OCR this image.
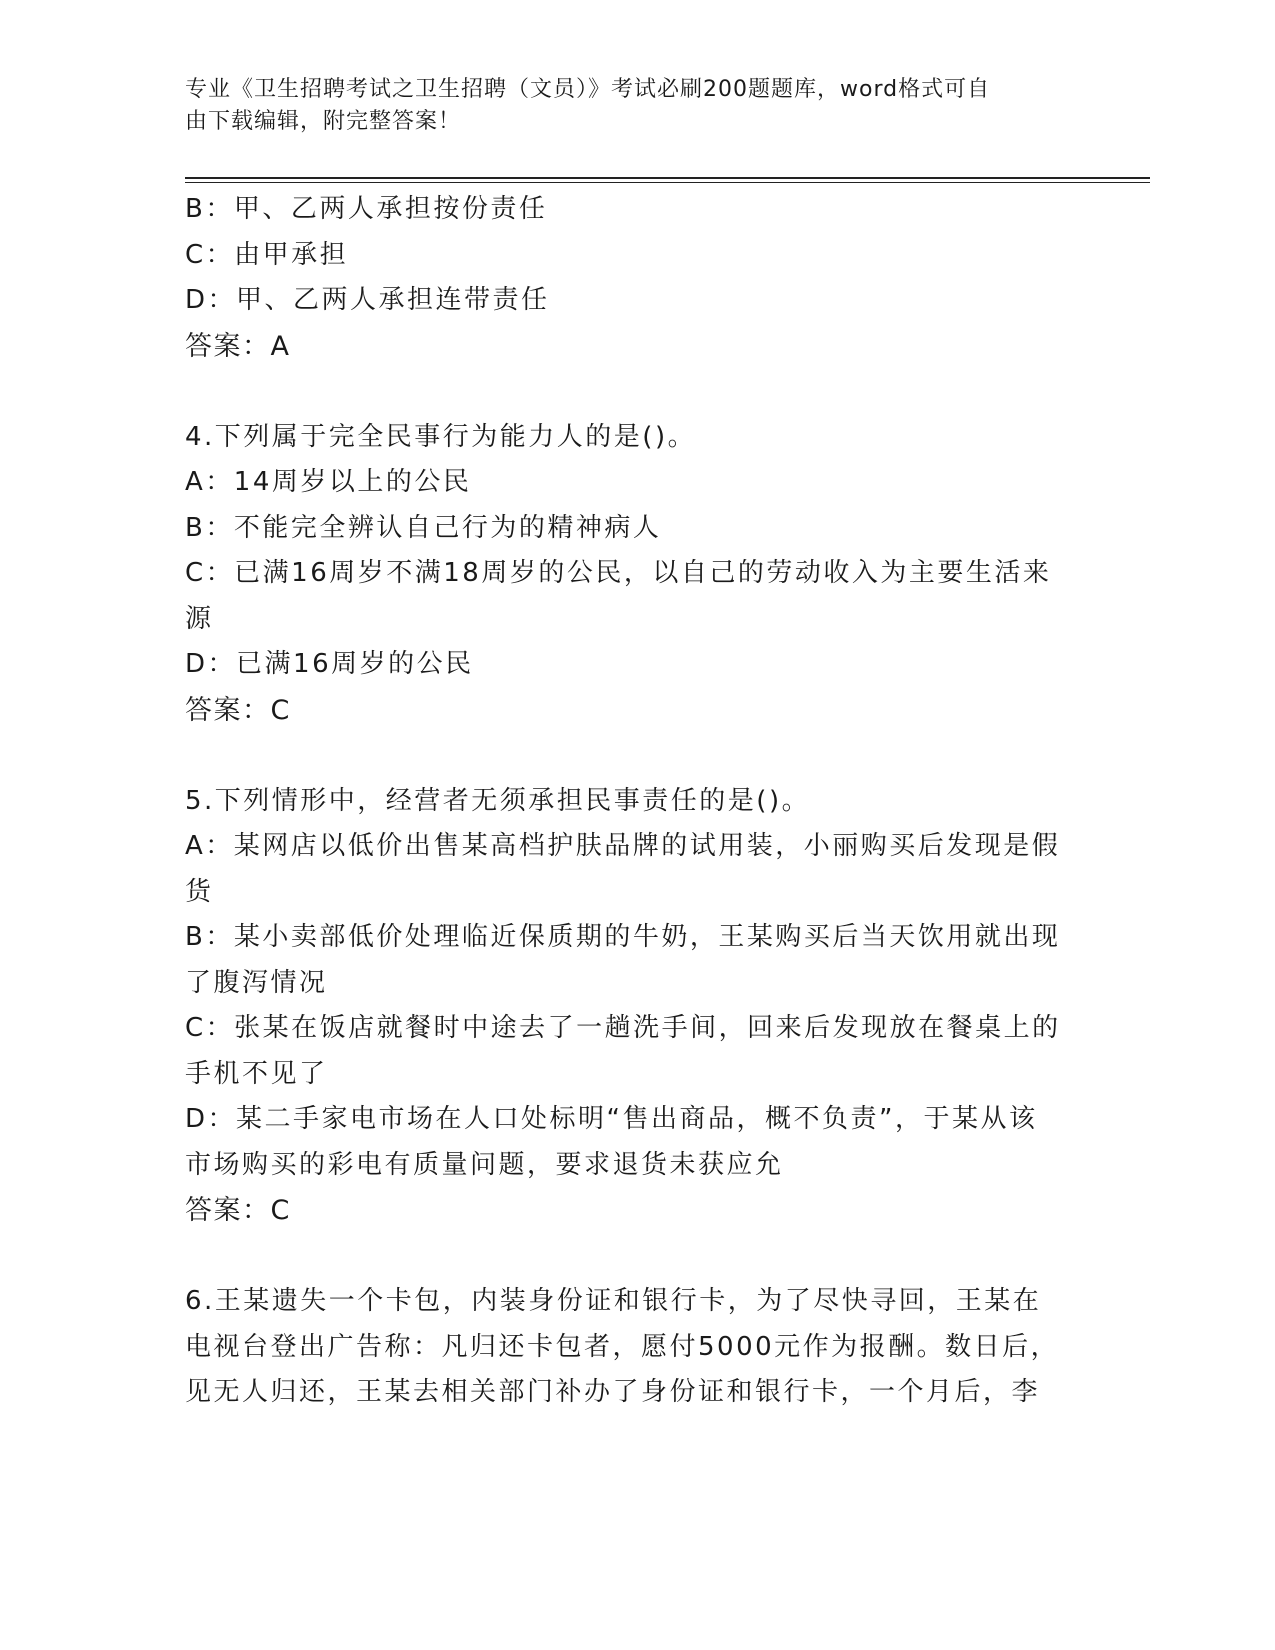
专业《卫生招聘考试之卫生招聘（文员）》考试必刷200题题库，word格式可自
由下载编辑，附完整答案！
B：甲、乙两人承担按份责任
C：由甲承担
D：甲、乙两人承担连带责任
答案：A
4.下列属于完全民事行为能力人的是()。
A：14周岁以上的公民
B：不能完全辨认自己行为的精神病人
C：已满16周岁不满18周岁的公民，以自己的劳动收入为主要生活来
源
D：已满16周岁的公民
答案：C
5.下列情形中，经营者无须承担民事责任的是()。
A：某网店以低价出售某高档护肤品牌的试用装，小丽购买后发现是假
货
B：某小卖部低价处理临近保质期的牛奶，王某购买后当天饮用就出现
了腹泻情况
C：张某在饭店就餐时中途去了一趟洗手间，回来后发现放在餐桌上的
手机不见了
D：某二手家电市场在人口处标明“售出商品，概不负责”，于某从该
市场购买的彩电有质量问题，要求退货未获应允
答案：C
6.王某遗失一个卡包，内装身份证和银行卡，为了尽快寻回，王某在
电视台登出广告称：凡归还卡包者，愿付5000元作为报酬。数日后，
见无人归还，王某去相关部门补办了身份证和银行卡，一个月后，李
